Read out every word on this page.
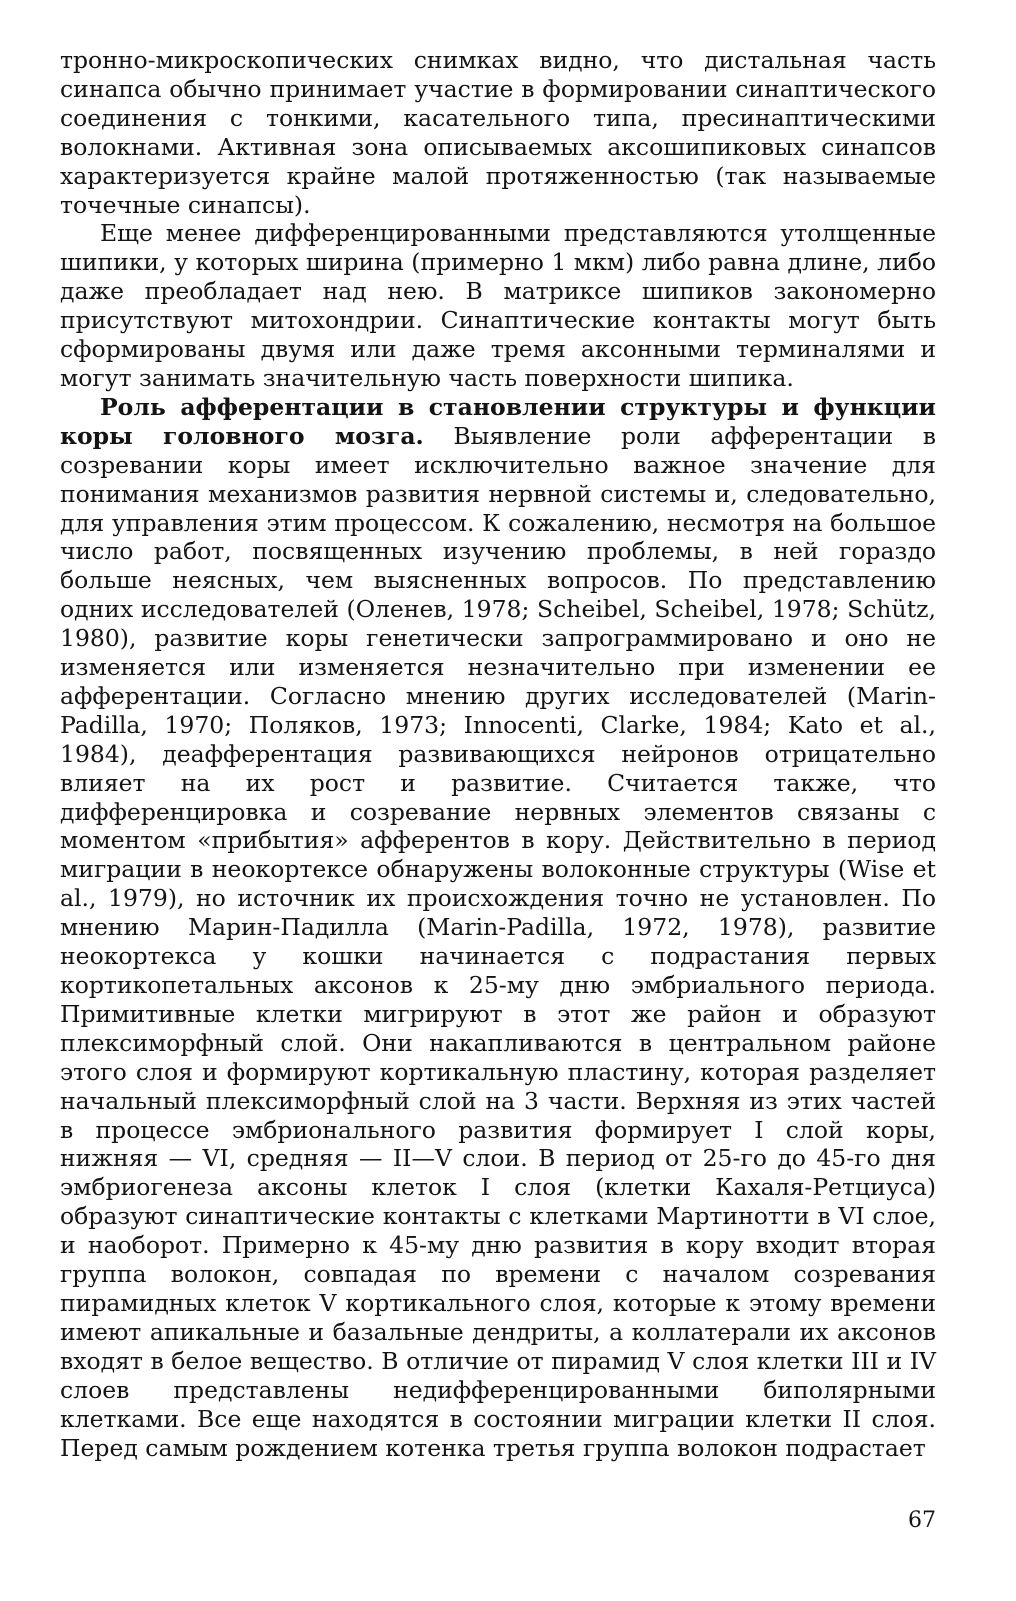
тронно-микроскопических снимках видно, что дистальная часть синапса обычно принимает участие в формировании синаптического соединения с тонкими, касательного типа, пресинаптическими волокнами. Активная зона описываемых аксошипиковых синапсов характеризуется крайне малой протяженностью (так называемые точечные синапсы).

Еще менее дифференцированными представляются утолщенные шипики, у которых ширина (примерно 1 мкм) либо равна длине, либо даже преобладает над нею. В матриксе шипиков закономерно присутствуют митохондрии. Синаптические контакты могут быть сформированы двумя или даже тремя аксонными терминалями и могут занимать значительную часть поверхности шипика.

Роль афферентации в становлении структуры и функции коры головного мозга. Выявление роли афферентации в созревании коры имеет исключительно важное значение для понимания механизмов развития нервной системы и, следовательно, для управления этим процессом. К сожалению, несмотря на большое число работ, посвященных изучению проблемы, в ней гораздо больше неясных, чем выясненных вопросов. По представлению одних исследователей (Оленев, 1978; Scheibel, Scheibel, 1978; Schütz, 1980), развитие коры генетически запрограммировано и оно не изменяется или изменяется незначительно при изменении ее афферентации. Согласно мнению других исследователей (Marin-Padilla, 1970; Поляков, 1973; Innocenti, Clarke, 1984; Kato et al., 1984), деафферентация развивающихся нейронов отрицательно влияет на их рост и развитие. Считается также, что дифференцировка и созревание нервных элементов связаны с моментом «прибытия» афферентов в кору. Действительно в период миграции в неокортексе обнаружены волоконные структуры (Wise et al., 1979), но источник их происхождения точно не установлен. По мнению Марин-Падилла (Marin-Padilla, 1972, 1978), развитие неокортекса у кошки начинается с подрастания первых кортикопетальных аксонов к 25-му дню эмбриального периода. Примитивные клетки мигрируют в этот же район и образуют плексиморфный слой. Они накапливаются в центральном районе этого слоя и формируют кортикальную пластину, которая разделяет начальный плексиморфный слой на 3 части. Верхняя из этих частей в процессе эмбрионального развития формирует I слой коры, нижняя — VI, средняя — II—V слои. В период от 25-го до 45-го дня эмбриогенеза аксоны клеток I слоя (клетки Кахаля-Ретциуса) образуют синаптические контакты с клетками Мартинотти в VI слое, и наоборот. Примерно к 45-му дню развития в кору входит вторая группа волокон, совпадая по времени с началом созревания пирамидных клеток V кортикального слоя, которые к этому времени имеют апикальные и базальные дендриты, а коллатерали их аксонов входят в белое вещество. В отличие от пирамид V слоя клетки III и IV слоев представлены недифференцированными биполярными клетками. Все еще находятся в состоянии миграции клетки II слоя. Перед самым рождением котенка третья группа волокон подрастает

67
